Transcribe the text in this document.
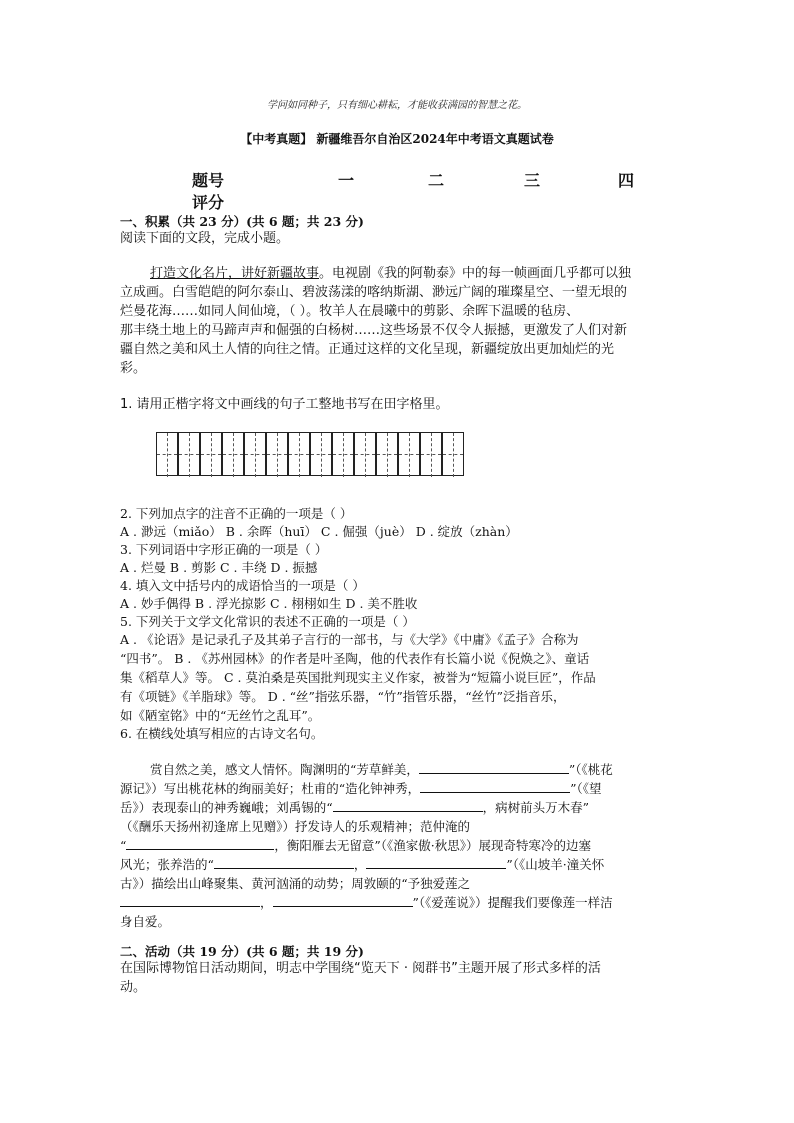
学问如同种子，只有细心耕耘，才能收获满园的智慧之花。
【中考真题】 新疆维吾尔自治区2024年中考语文真题试卷
题号	一	二	三	四
评分
一、积累（共 23 分）(共 6 题；共 23 分)
阅读下面的文段，完成小题。
打造文化名片，讲好新疆故事。电视剧《我的阿勒泰》中的每一帧画面几乎都可以独
立成画。白雪皑皑的阿尔泰山、碧波荡漾的喀纳斯湖、渺远广阔的璀璨星空、一望无垠的
烂曼花海……如同人间仙境，（ ）。牧羊人在晨曦中的剪影、余晖下温暖的毡房、
那丰绕土地上的马蹄声声和倔强的白杨树……这些场景不仅令人振撼，更激发了人们对新
疆自然之美和风土人情的向往之情。正通过这样的文化呈现，新疆绽放出更加灿烂的光
彩。
1. 请用正楷字将文中画线的句子工整地书写在田字格里。
2. 下列加点字的注音不正确的一项是（ ）
A . 渺远（miǎo） B . 余晖（huī） C . 倔强（juè） D . 绽放（zhàn）
3. 下列词语中字形正确的一项是（ ）
A . 烂曼 B . 剪影 C . 丰绕 D . 振撼
4. 填入文中括号内的成语恰当的一项是（ ）
A . 妙手偶得 B . 浮光掠影 C . 栩栩如生 D . 美不胜收
5. 下列关于文学文化常识的表述不正确的一项是（ ）
A . 《论语》是记录孔子及其弟子言行的一部书，与《大学》《中庸》《孟子》合称为
“四书”。 B . 《苏州园林》的作者是叶圣陶，他的代表作有长篇小说《倪焕之》、童话
集《稻草人》等。 C . 莫泊桑是英国批判现实主义作家，被誉为“短篇小说巨匠”，作品
有《项链》《羊脂球》等。 D . “丝”指弦乐器，“竹”指管乐器，“丝竹”泛指音乐，
如《陋室铭》中的“无丝竹之乱耳”。
6. 在横线处填写相应的古诗文名句。
赏自然之美，感文人情怀。陶渊明的“芳草鲜美，	”（《桃花
源记》）写出桃花林的绚丽美好；杜甫的“造化钟神秀，	”（《望
岳》）表现泰山的神秀巍峨；刘禹锡的“	，病树前头万木春”
（《酬乐天扬州初逢席上见赠》）抒发诗人的乐观精神；范仲淹的
“	，衡阳雁去无留意”（《渔家傲·秋思》）展现奇特寒冷的边塞
风光；张养浩的“	，	”（《山坡羊·潼关怀
古》）描绘出山峰聚集、黄河汹涌的动势；周敦颐的“予独爱莲之
，	”（《爱莲说》）提醒我们要像莲一样洁
身自爱。
二、活动（共 19 分）(共 6 题；共 19 分)
在国际博物馆日活动期间，明志中学围绕“览天下 · 阅群书”主题开展了形式多样的活
动。
